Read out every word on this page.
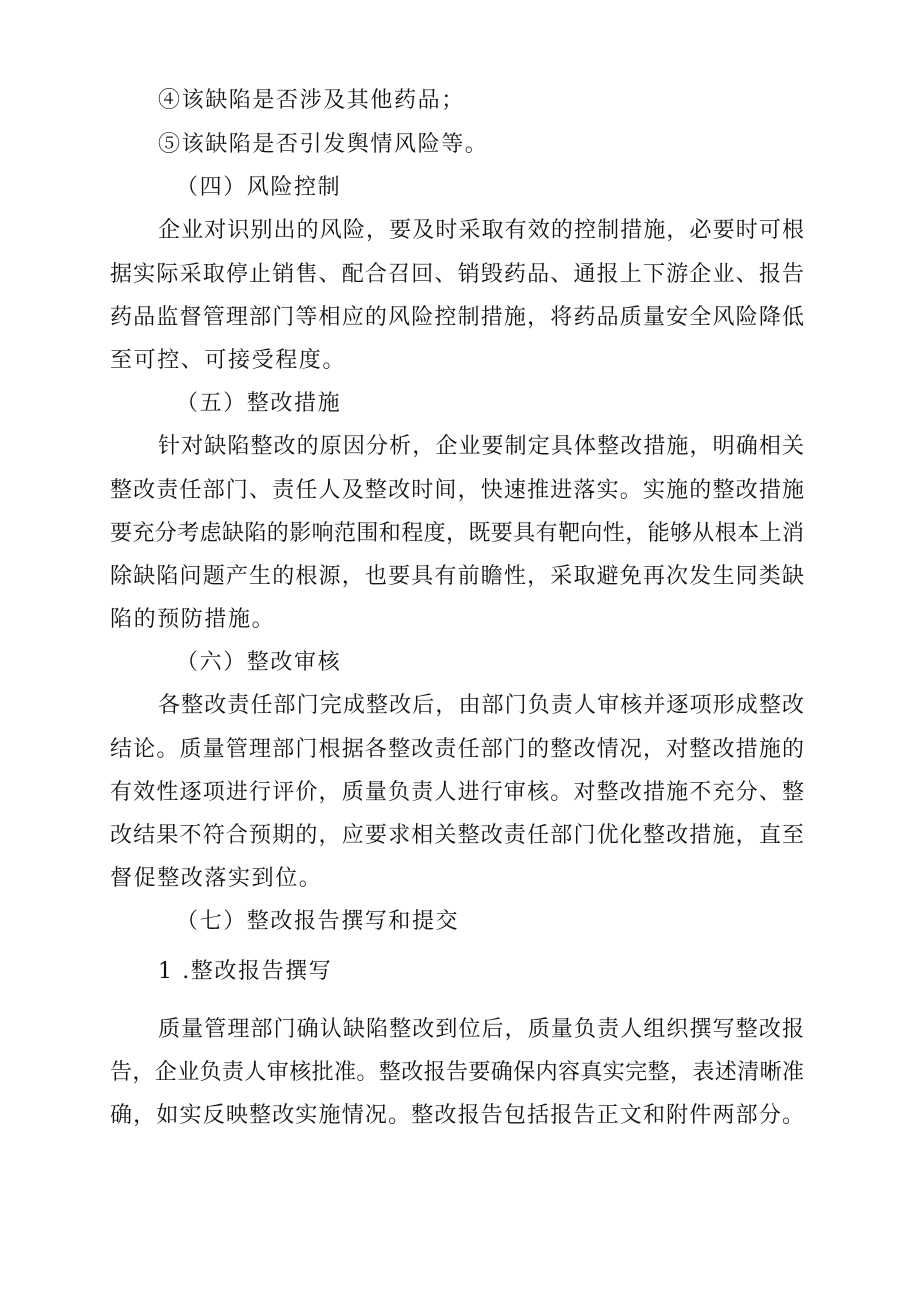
④该缺陷是否涉及其他药品；
⑤该缺陷是否引发舆情风险等。
（四）风险控制
企业对识别出的风险，要及时采取有效的控制措施，必要时可根
据实际采取停止销售、配合召回、销毁药品、通报上下游企业、报告
药品监督管理部门等相应的风险控制措施，将药品质量安全风险降低
至可控、可接受程度。
（五）整改措施
针对缺陷整改的原因分析，企业要制定具体整改措施，明确相关
整改责任部门、责任人及整改时间，快速推进落实。实施的整改措施
要充分考虑缺陷的影响范围和程度，既要具有靶向性，能够从根本上消
除缺陷问题产生的根源，也要具有前瞻性，采取避免再次发生同类缺
陷的预防措施。
（六）整改审核
各整改责任部门完成整改后，由部门负责人审核并逐项形成整改
结论。质量管理部门根据各整改责任部门的整改情况，对整改措施的
有效性逐项进行评价，质量负责人进行审核。对整改措施不充分、整
改结果不符合预期的，应要求相关整改责任部门优化整改措施，直至
督促整改落实到位。
（七）整改报告撰写和提交
1 .整改报告撰写
质量管理部门确认缺陷整改到位后，质量负责人组织撰写整改报
告，企业负责人审核批准。整改报告要确保内容真实完整，表述清晰准
确，如实反映整改实施情况。整改报告包括报告正文和附件两部分。
